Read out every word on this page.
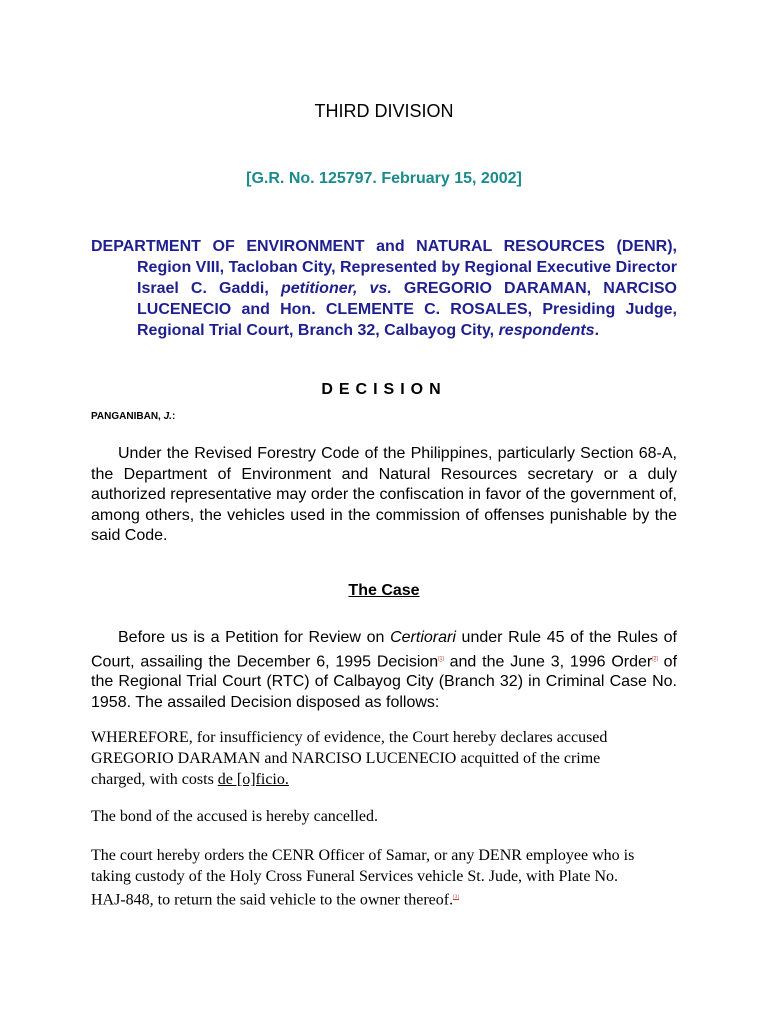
THIRD DIVISION
[G.R. No. 125797. February 15, 2002]
DEPARTMENT OF ENVIRONMENT and NATURAL RESOURCES (DENR), Region VIII, Tacloban City, Represented by Regional Executive Director Israel C. Gaddi, petitioner, vs. GREGORIO DARAMAN, NARCISO LUCENECIO and Hon. CLEMENTE C. ROSALES, Presiding Judge, Regional Trial Court, Branch 32, Calbayog City, respondents.
DECISION
PANGANIBAN, J.:
Under the Revised Forestry Code of the Philippines, particularly Section 68-A, the Department of Environment and Natural Resources secretary or a duly authorized representative may order the confiscation in favor of the government of, among others, the vehicles used in the commission of offenses punishable by the said Code.
The Case
Before us is a Petition for Review on Certiorari under Rule 45 of the Rules of Court, assailing the December 6, 1995 Decision[1] and the June 3, 1996 Order[2] of the Regional Trial Court (RTC) of Calbayog City (Branch 32) in Criminal Case No. 1958. The assailed Decision disposed as follows:
WHEREFORE, for insufficiency of evidence, the Court hereby declares accused GREGORIO DARAMAN and NARCISO LUCENECIO acquitted of the crime charged, with costs de [o]ficio.
The bond of the accused is hereby cancelled.
The court hereby orders the CENR Officer of Samar, or any DENR employee who is taking custody of the Holy Cross Funeral Services vehicle St. Jude, with Plate No. HAJ-848, to return the said vehicle to the owner thereof.[3]
